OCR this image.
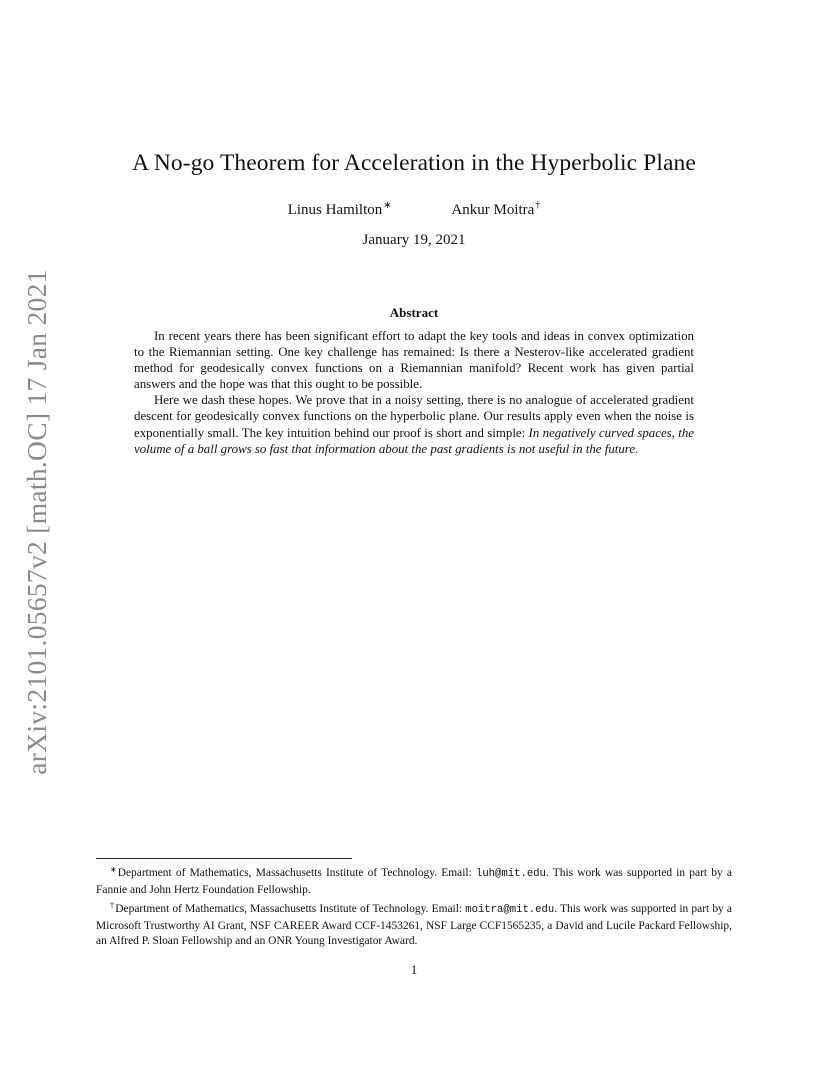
arXiv:2101.05657v2 [math.OC] 17 Jan 2021
A No-go Theorem for Acceleration in the Hyperbolic Plane
Linus Hamilton∗	Ankur Moitra†
January 19, 2021
Abstract

In recent years there has been significant effort to adapt the key tools and ideas in convex optimization to the Riemannian setting. One key challenge has remained: Is there a Nesterov-like accelerated gradient method for geodesically convex functions on a Riemannian manifold? Recent work has given partial answers and the hope was that this ought to be possible.

Here we dash these hopes. We prove that in a noisy setting, there is no analogue of accelerated gradient descent for geodesically convex functions on the hyperbolic plane. Our results apply even when the noise is exponentially small. The key intuition behind our proof is short and simple: In negatively curved spaces, the volume of a ball grows so fast that information about the past gradients is not useful in the future.

∗Department of Mathematics, Massachusetts Institute of Technology. Email: luh@mit.edu. This work was supported in part by a Fannie and John Hertz Foundation Fellowship.

†Department of Mathematics, Massachusetts Institute of Technology. Email: moitra@mit.edu. This work was supported in part by a Microsoft Trustworthy AI Grant, NSF CAREER Award CCF-1453261, NSF Large CCF1565235, a David and Lucile Packard Fellowship, an Alfred P. Sloan Fellowship and an ONR Young Investigator Award.

1
